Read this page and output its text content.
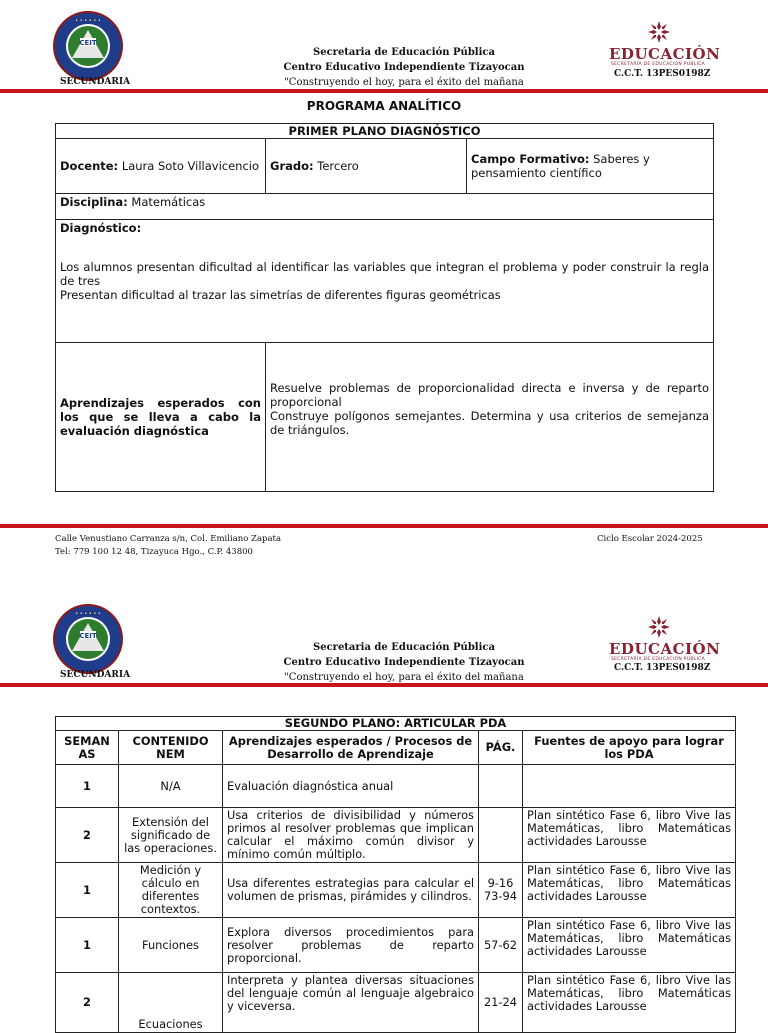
CEIT
• • • • • •
SECUNDARIA
Secretaria de Educación Pública
Centro Educativo Independiente Tizayocan
"Construyendo el hoy, para el éxito del mañana
EDUCACIÓN
SECRETARÍA DE EDUCACIÓN PÚBLICA
C.C.T. 13PES0198Z
PROGRAMA ANALÍTICO
PRIMER PLANO DIAGNÓSTICO		
Docente: Laura Soto Villavicencio	Grado: Tercero	Campo Formativo: Saberes y pensamiento científico
Disciplina: Matemáticas		

Diagnóstico:
Los alumnos presentan dificultad al identificar las variables que integran el problema y poder construir la regla de tres
Presentan dificultad al trazar las simetrías de diferentes figuras geométricas		

Aprendizajes esperados con los que se lleva a cabo la evaluación diagnóstica	Resuelve problemas de proporcionalidad directa e inversa y de reparto proporcional
Construye polígonos semejantes. Determina y usa criterios de semejanza de triángulos.	
Calle Venustiano Carranza s/n, Col. Emiliano Zapata
Tel: 779 100 12 48, Tizayuca Hgo., C.P. 43800
Ciclo Escolar 2024-2025
CEIT
• • • • • •
SECUNDARIA
Secretaria de Educación Pública
Centro Educativo Independiente Tizayocan
"Construyendo el hoy, para el éxito del mañana
EDUCACIÓN
SECRETARÍA DE EDUCACIÓN PÚBLICA
C.C.T. 13PES0198Z
SEGUNDO PLANO: ARTICULAR PDA				
SEMAN AS	CONTENIDO NEM	Aprendizajes esperados / Procesos de Desarrollo de Aprendizaje	PÁG.	Fuentes de apoyo para lograr los PDA
1	N/A	Evaluación diagnóstica anual		
2	Extensión del significado de las operaciones.	Usa criterios de divisibilidad y números primos al resolver problemas que implican calcular el máximo común divisor y mínimo común múltiplo.		Plan sintético Fase 6, libro Vive las Matemáticas, libro Matemáticas actividades Larousse
1	Medición y cálculo en diferentes contextos.	Usa diferentes estrategias para calcular el volumen de prismas, pirámides y cilindros.	9-16 73-94	Plan sintético Fase 6, libro Vive las Matemáticas, libro Matemáticas actividades Larousse
1	Funciones	Explora diversos procedimientos para resolver problemas de reparto proporcional.	57-62	Plan sintético Fase 6, libro Vive las Matemáticas, libro Matemáticas actividades Larousse
2	Ecuaciones	Interpreta y plantea diversas situaciones del lenguaje común al lenguaje algebraico y viceversa.	21-24	Plan sintético Fase 6, libro Vive las Matemáticas, libro Matemáticas actividades Larousse
